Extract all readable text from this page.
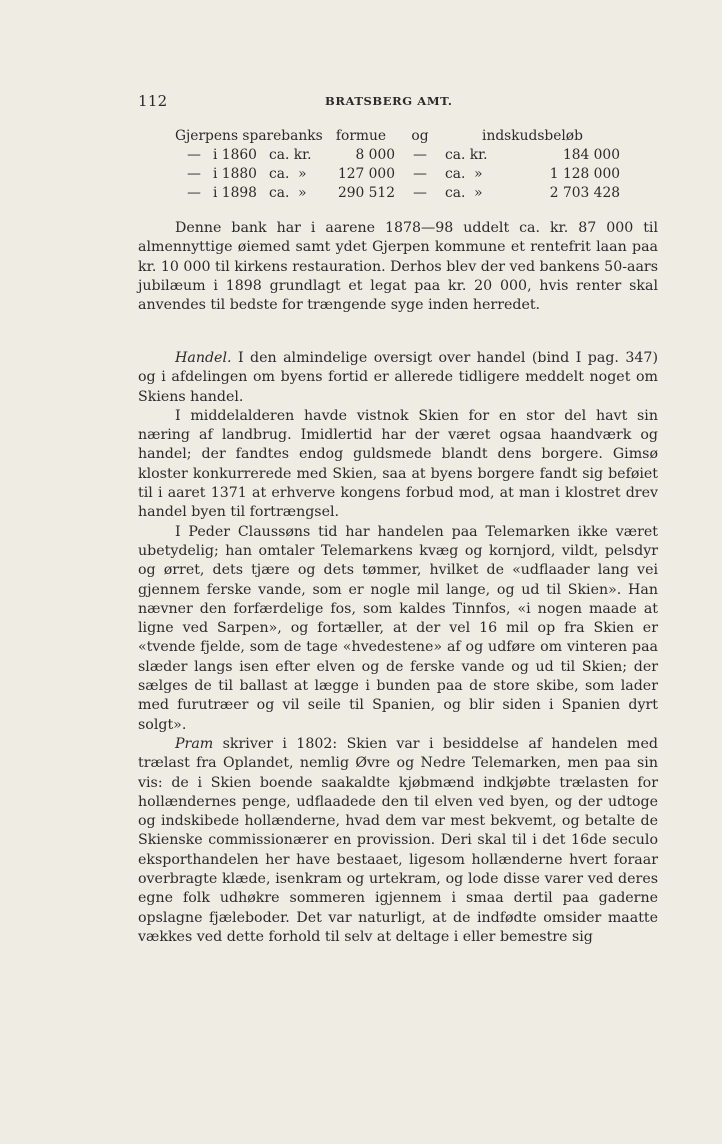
112	BRATSBERG AMT.
Gjerpens sparebanks			formue	og	indskudsbeløb	
—	i 1860	ca. kr.	8 000	—	ca. kr.	184 000
—	i 1880	ca.  »	127 000	—	ca.  »	1 128 000
—	i 1898	ca.  »	290 512	—	ca.  »	2 703 428

Denne bank har i aarene 1878—98 uddelt ca. kr. 87 000 til almennyttige øiemed samt ydet Gjerpen kommune et rentefrit laan paa kr. 10 000 til kirkens restauration. Derhos blev der ved bankens 50-aars jubilæum i 1898 grundlagt et legat paa kr. 20 000, hvis renter skal anvendes til bedste for trængende syge inden herredet.

Handel. I den almindelige oversigt over handel (bind I pag. 347) og i afdelingen om byens fortid er allerede tidligere meddelt noget om Skiens handel.

I middelalderen havde vistnok Skien for en stor del havt sin næring af landbrug. Imidlertid har der været ogsaa haandværk og handel; der fandtes endog guldsmede blandt dens borgere. Gimsø kloster konkurrerede med Skien, saa at byens borgere fandt sig beføiet til i aaret 1371 at erhverve kongens forbud mod, at man i klostret drev handel byen til fortrængsel.

I Peder Claussøns tid har handelen paa Telemarken ikke været ubetydelig; han omtaler Telemarkens kvæg og kornjord, vildt, pelsdyr og ørret, dets tjære og dets tømmer, hvilket de «udflaader lang vei gjennem ferske vande, som er nogle mil lange, og ud til Skien». Han nævner den forfærdelige fos, som kaldes Tinnfos, «i nogen maade at ligne ved Sarpen», og fortæller, at der vel 16 mil op fra Skien er «tvende fjelde, som de tage «hvedestene» af og udføre om vinteren paa slæder langs isen efter elven og de ferske vande og ud til Skien; der sælges de til ballast at lægge i bunden paa de store skibe, som lader med furutræer og vil seile til Spanien, og blir siden i Spanien dyrt solgt».

Pram skriver i 1802: Skien var i besiddelse af handelen med trælast fra Oplandet, nemlig Øvre og Nedre Telemarken, men paa sin vis: de i Skien boende saakaldte kjøbmænd indkjøbte trælasten for hollændernes penge, udflaadede den til elven ved byen, og der udtoge og indskibede hollænderne, hvad dem var mest bekvemt, og betalte de Skienske commissionærer en provission. Deri skal til i det 16de seculo eksporthandelen her have bestaaet, ligesom hollænderne hvert foraar overbragte klæde, isenkram og urtekram, og lode disse varer ved deres egne folk udhøkre sommeren igjennem i smaa dertil paa gaderne opslagne fjæleboder. Det var naturligt, at de indfødte omsider maatte vækkes ved dette forhold til selv at deltage i eller bemestre sig
